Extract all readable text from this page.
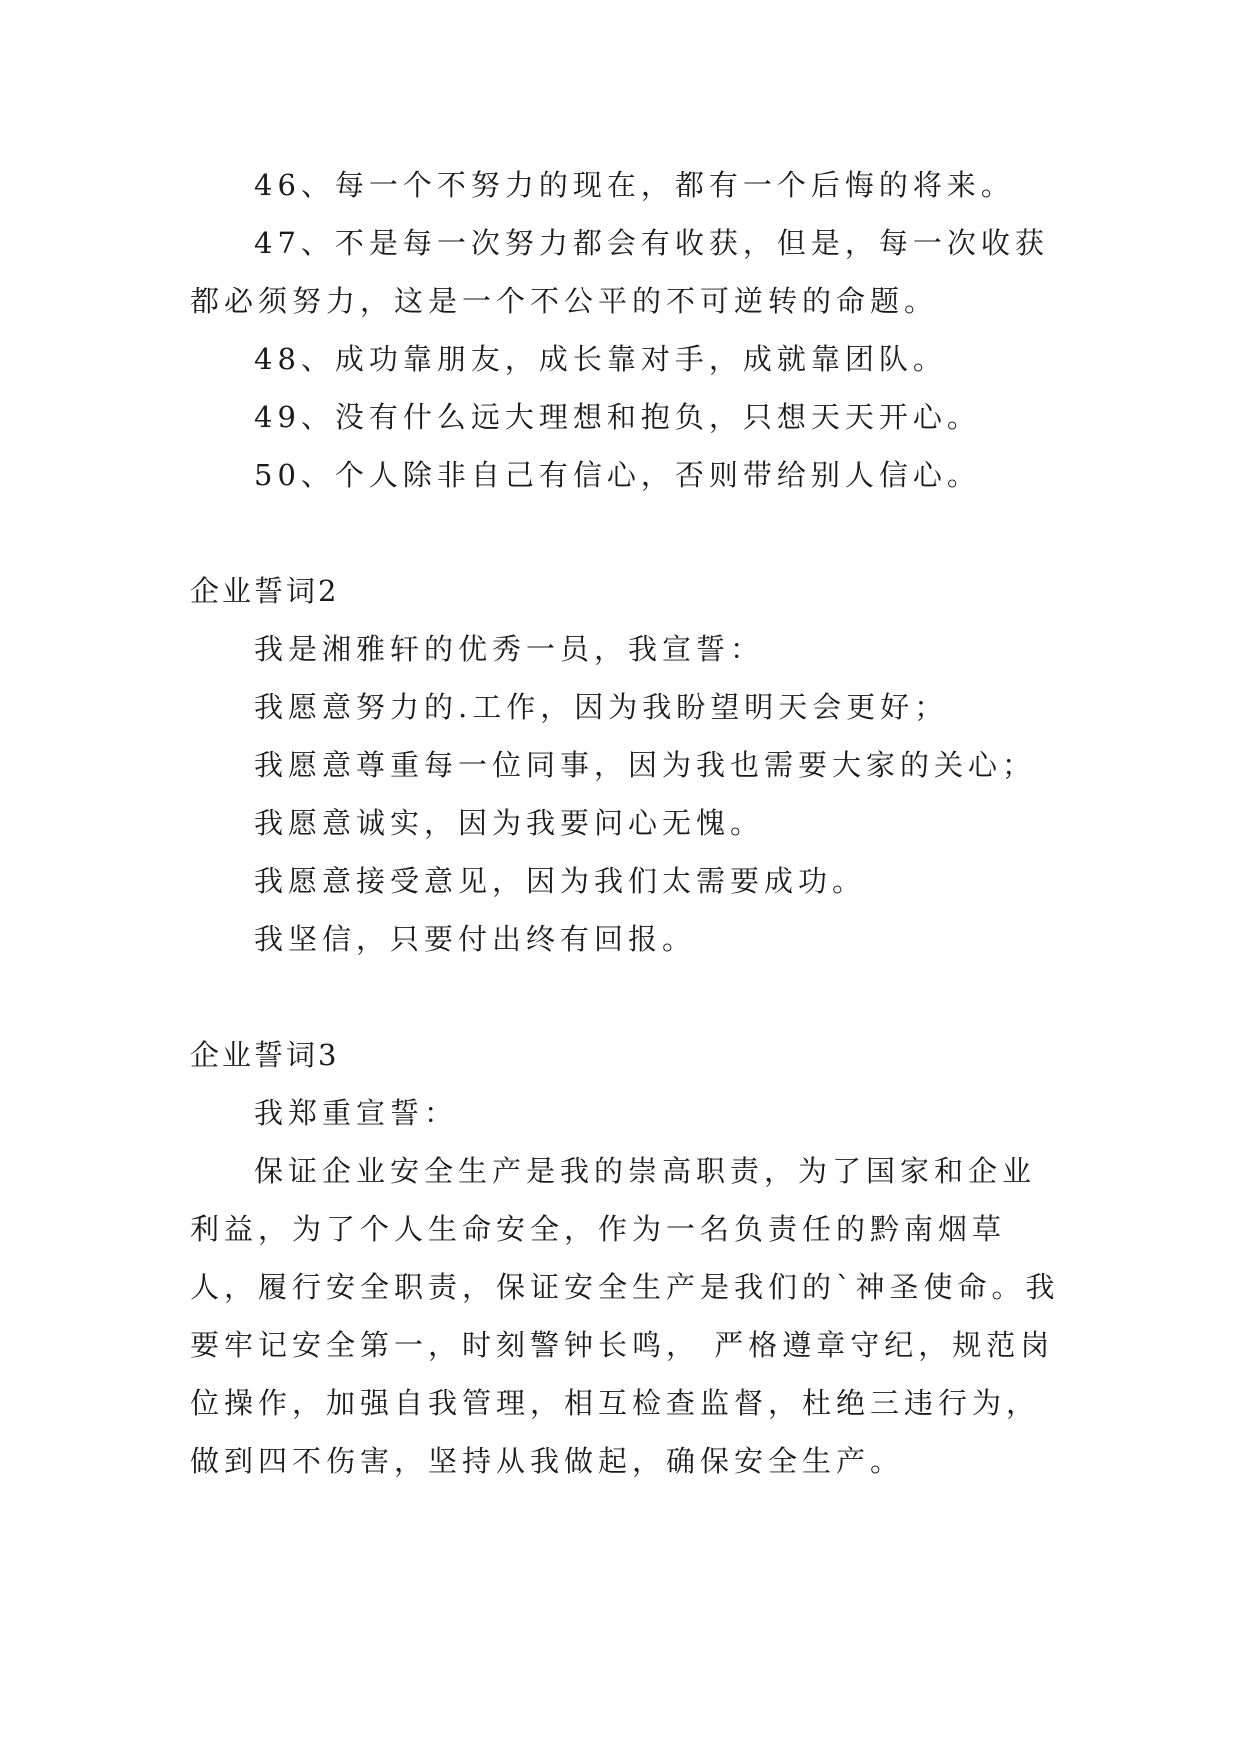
46、每一个不努力的现在，都有一个后悔的将来。

47、不是每一次努力都会有收获，但是，每一次收获都必须努力，这是一个不公平的不可逆转的命题。

48、成功靠朋友，成长靠对手，成就靠团队。

49、没有什么远大理想和抱负，只想天天开心。

50、个人除非自己有信心，否则带给别人信心。

企业誓词2

我是湘雅轩的优秀一员，我宣誓：

我愿意努力的.工作，因为我盼望明天会更好；

我愿意尊重每一位同事，因为我也需要大家的关心；

我愿意诚实，因为我要问心无愧。

我愿意接受意见，因为我们太需要成功。

我坚信，只要付出终有回报。

企业誓词3

我郑重宣誓：

保证企业安全生产是我的崇高职责，为了国家和企业利益，为了个人生命安全，作为一名负责任的黔南烟草人，履行安全职责，保证安全生产是我们的`神圣使命。我要牢记安全第一，时刻警钟长鸣， 严格遵章守纪，规范岗位操作，加强自我管理，相互检查监督，杜绝三违行为，做到四不伤害，坚持从我做起，确保安全生产。
